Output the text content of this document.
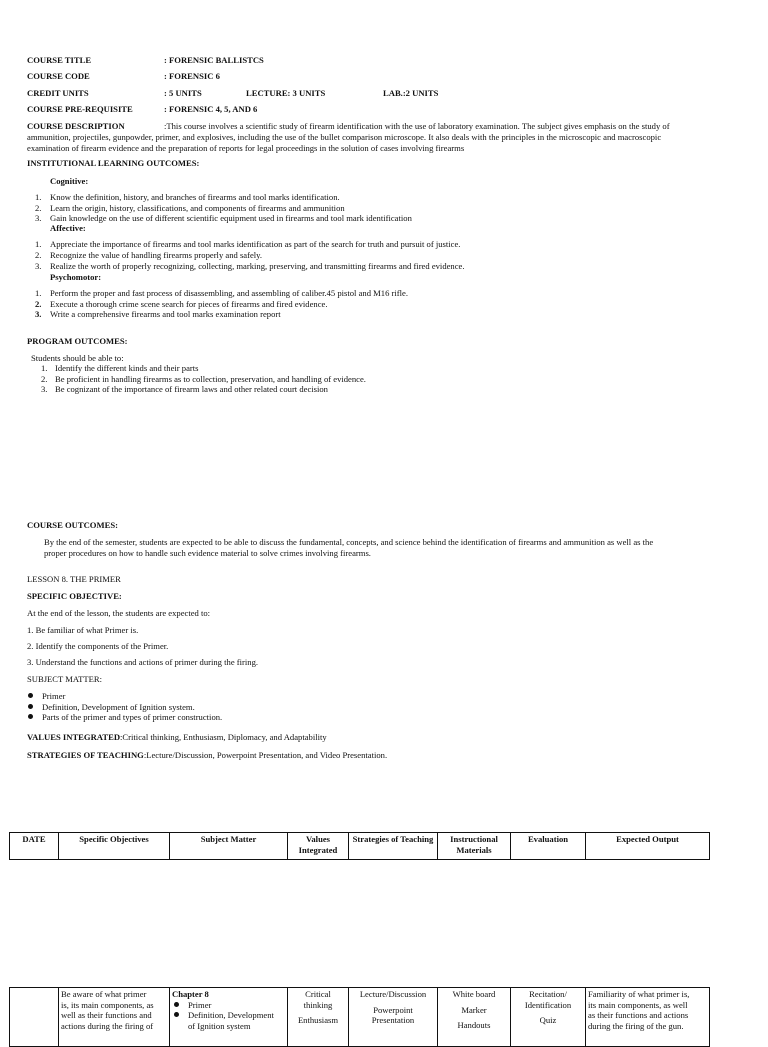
COURSE TITLE	: FORENSIC BALLISTCS
COURSE CODE	: FORENSIC 6
CREDIT UNITS	: 5 UNITS	LECTURE: 3 UNITS	LAB.:2 UNITS
COURSE PRE-REQUISITE	: FORENSIC 4, 5, AND 6
COURSE DESCRIPTION	:This course involves a scientific study of firearm identification with the use of laboratory examination. The subject gives emphasis on the study of
ammunition, projectiles, gunpowder, primer, and explosives, including the use of the bullet comparison microscope. It also deals with the principles in the microscopic and macroscopic
examination of firearm evidence and the preparation of reports for legal proceedings in the solution of cases involving firearms
INSTITUTIONAL LEARNING OUTCOMES:
Cognitive:
1. Know the definition, history, and branches of firearms and tool marks identification.
2. Learn the origin, history, classifications, and components of firearms and ammunition
3. Gain knowledge on the use of different scientific equipment used in firearms and tool mark identification
Affective:
1. Appreciate the importance of firearms and tool marks identification as part of the search for truth and pursuit of justice.
2. Recognize the value of handling firearms properly and safely.
3. Realize the worth of properly recognizing, collecting, marking, preserving, and transmitting firearms and fired evidence.
Psychomotor:
1. Perform the proper and fast process of disassembling, and assembling of caliber.45 pistol and M16 rifle.
2. Execute a thorough crime scene search for pieces of firearms and fired evidence.
3. Write a comprehensive firearms and tool marks examination report
PROGRAM OUTCOMES:
Students should be able to:
1. Identify the different kinds and their parts
2. Be proficient in handling firearms as to collection, preservation, and handling of evidence.
3. Be cognizant of the importance of firearm laws and other related court decision
COURSE OUTCOMES:
By the end of the semester, students are expected to be able to discuss the fundamental, concepts, and science behind the identification of firearms and ammunition as well as the
proper procedures on how to handle such evidence material to solve crimes involving firearms.
LESSON 8. THE PRIMER
SPECIFIC OBJECTIVE:
At the end of the lesson, the students are expected to:
1. Be familiar of what Primer is.
2. Identify the components of the Primer.
3. Understand the functions and actions of primer during the firing.
SUBJECT MATTER:
Primer
Definition, Development of Ignition system.
Parts of the primer and types of primer construction.
VALUES INTEGRATED:Critical thinking, Enthusiasm, Diplomacy, and Adaptability
STRATEGIES OF TEACHING:Lecture/Discussion, Powerpoint Presentation, and Video Presentation.
DATE	Specific Objectives	Subject Matter	Values Integrated	Strategies of Teaching	Instructional Materials	Evaluation	Expected Output

Be aware of what primer
is, its main components, as
well as their functions and
actions during the firing of

Chapter 8
Primer
Definition, Development
of Ignition system

Critical
thinking
Enthusiasm

Lecture/Discussion
Powerpoint
Presentation

White board
Marker
Handouts

Recitation/
Identification
Quiz

Familiarity of what primer is,
its main components, as well
as their functions and actions
during the firing of the gun.
